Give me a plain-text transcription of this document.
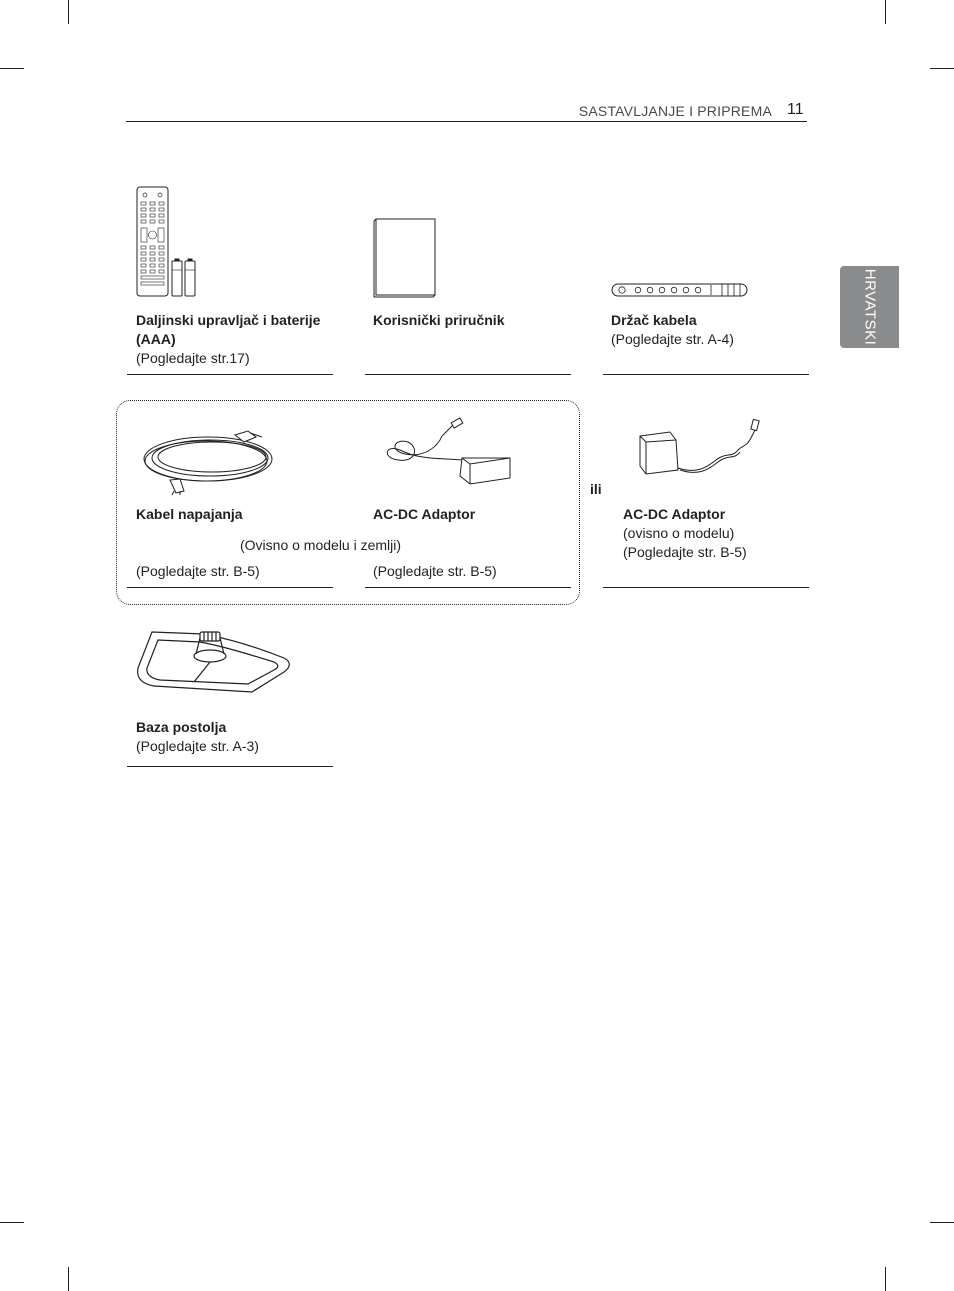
SASTAVLJANJE I PRIPREMA 11
HRVATSKI
Daljinski upravljač i baterije
(AAA)
(Pogledajte str.17)
Korisnički priručnik	Držač kabela
(Pogledajte str. A-4)
Kabel napajanja
(Ovisno o modelu i zemlji)
(Pogledajte str. B-5)
AC-DC Adaptor
(Pogledajte str. B-5)
ili
AC-DC Adaptor
(ovisno o modelu)
(Pogledajte str. B-5)
Baza postolja
(Pogledajte str. A-3)
